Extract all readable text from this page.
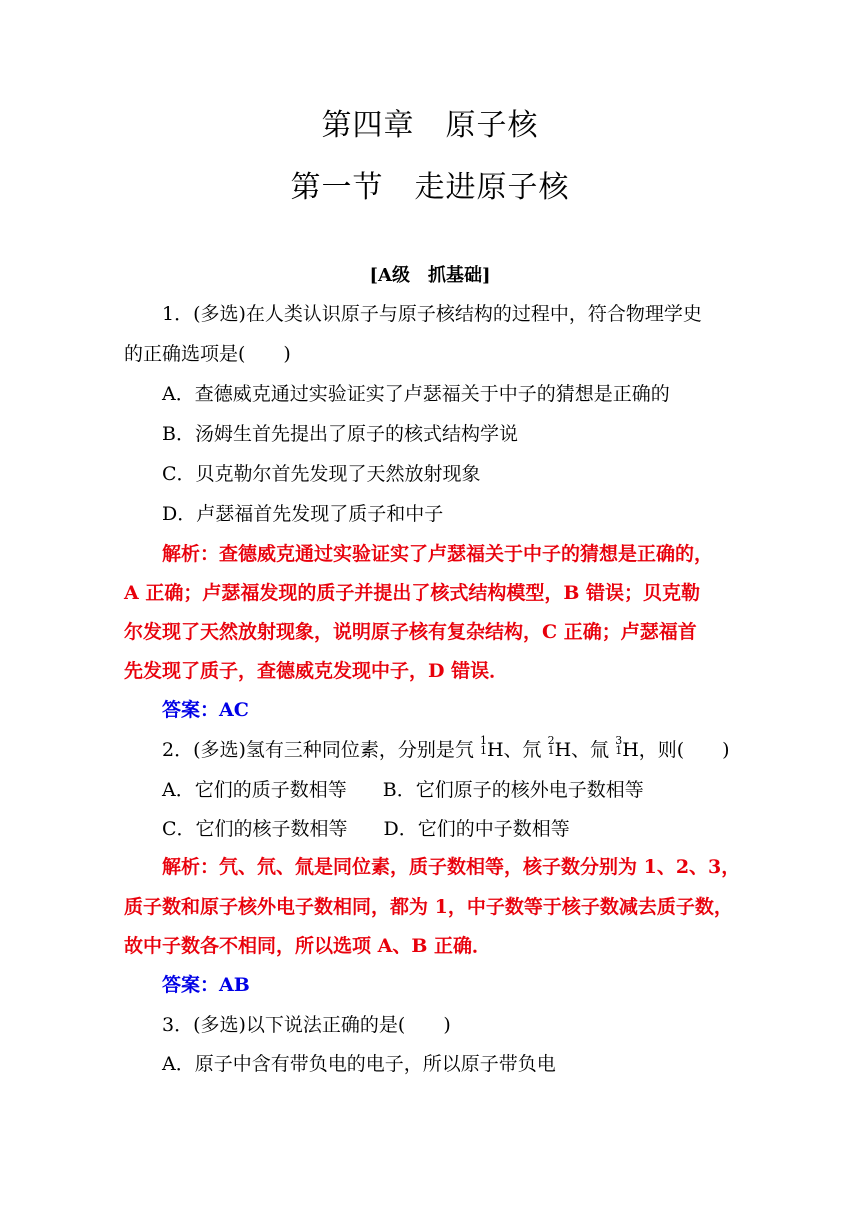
第四章　原子核
第一节　走进原子核
[A级　抓基础]
1．(多选)在人类认识原子与原子核结构的过程中，符合物理学史
的正确选项是(　　)
A．查德威克通过实验证实了卢瑟福关于中子的猜想是正确的
B．汤姆生首先提出了原子的核式结构学说
C．贝克勒尔首先发现了天然放射现象
D．卢瑟福首先发现了质子和中子
解析：查德威克通过实验证实了卢瑟福关于中子的猜想是正确的，
A 正确；卢瑟福发现的质子并提出了核式结构模型，B 错误；贝克勒
尔发现了天然放射现象，说明原子核有复杂结构，C 正确；卢瑟福首
先发现了质子，查德威克发现中子，D 错误．
答案：AC
2．(多选)氢有三种同位素，分别是氕 1
1 H、氘 2
1 H、氚 3
1 H，则(　　)
A．它们的质子数相等 B．它们原子的核外电子数相等
C．它们的核子数相等 D．它们的中子数相等
解析：氕、氘、氚是同位素，质子数相等，核子数分别为 1、2、3，
质子数和原子核外电子数相同，都为 1，中子数等于核子数减去质子数，
故中子数各不相同，所以选项 A、B 正确．
答案：AB
3．(多选)以下说法正确的是(　　)
A．原子中含有带负电的电子，所以原子带负电
